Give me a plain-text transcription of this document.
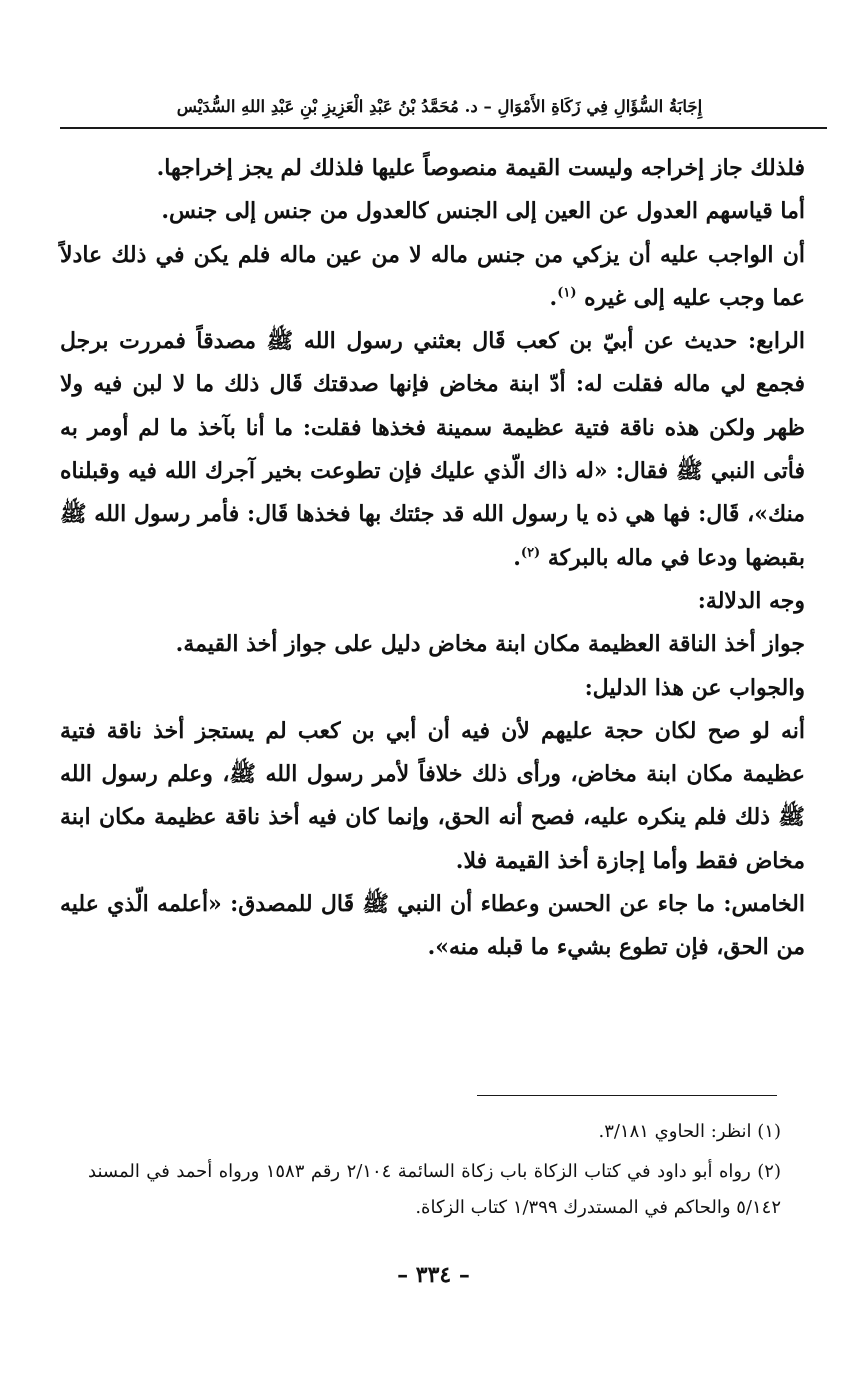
إِجَابَةُ السُّؤَالِ فِي زَكَاةِ الأَمْوَالِ – د. مُحَمَّدُ بْنُ عَبْدِ الْعَزِيزِ بْنِ عَبْدِ اللهِ السُّدَيْس

فلذلك جاز إخراجه وليست القيمة منصوصاً عليها فلذلك لم يجز إخراجها.

أما قياسهم العدول عن العين إلى الجنس كالعدول من جنس إلى جنس.

أن الواجب عليه أن يزكي من جنس ماله لا من عين ماله فلم يكن في ذلك عادلاً عما وجب عليه إلى غيره $^{(١)}$.

الرابع: حديث عن أبيّ بن كعب قَال بعثني رسول الله ﷺ مصدقاً فمررت برجل فجمع لي ماله فقلت له: أدّ ابنة مخاض فإنها صدقتك قَال ذلك ما لا لبن فيه ولا ظهر ولكن هذه ناقة فتية عظيمة سمينة فخذها فقلت: ما أنا بآخذ ما لم أومر به فأتى النبي ﷺ فقال: «له ذاك الّذي عليك فإن تطوعت بخير آجرك الله فيه وقبلناه منك»، قَال: فها هي ذه يا رسول الله قد جئتك بها فخذها قَال: فأمر رسول الله ﷺ بقبضها ودعا في ماله بالبركة $^{(٢)}$.

وجه الدلالة:

جواز أخذ الناقة العظيمة مكان ابنة مخاض دليل على جواز أخذ القيمة.

والجواب عن هذا الدليل:

أنه لو صح لكان حجة عليهم لأن فيه أن أبي بن كعب لم يستجز أخذ ناقة فتية عظيمة مكان ابنة مخاض، ورأى ذلك خلافاً لأمر رسول الله ﷺ، وعلم رسول الله ﷺ ذلك فلم ينكره عليه، فصح أنه الحق، وإنما كان فيه أخذ ناقة عظيمة مكان ابنة مخاض فقط وأما إجازة أخذ القيمة فلا.

الخامس: ما جاء عن الحسن وعطاء أن النبي ﷺ قَال للمصدق: «أعلمه الّذي عليه من الحق، فإن تطوع بشيء ما قبله منه».

(١) انظر: الحاوي ٣/١٨١.

(٢) رواه أبو داود في كتاب الزكاة باب زكاة السائمة ٢/١٠٤ رقم ١٥٨٣ ورواه أحمد في المسند ٥/١٤٢ والحاكم في المستدرك ١/٣٩٩ كتاب الزكاة.

– ٣٣٤ –
